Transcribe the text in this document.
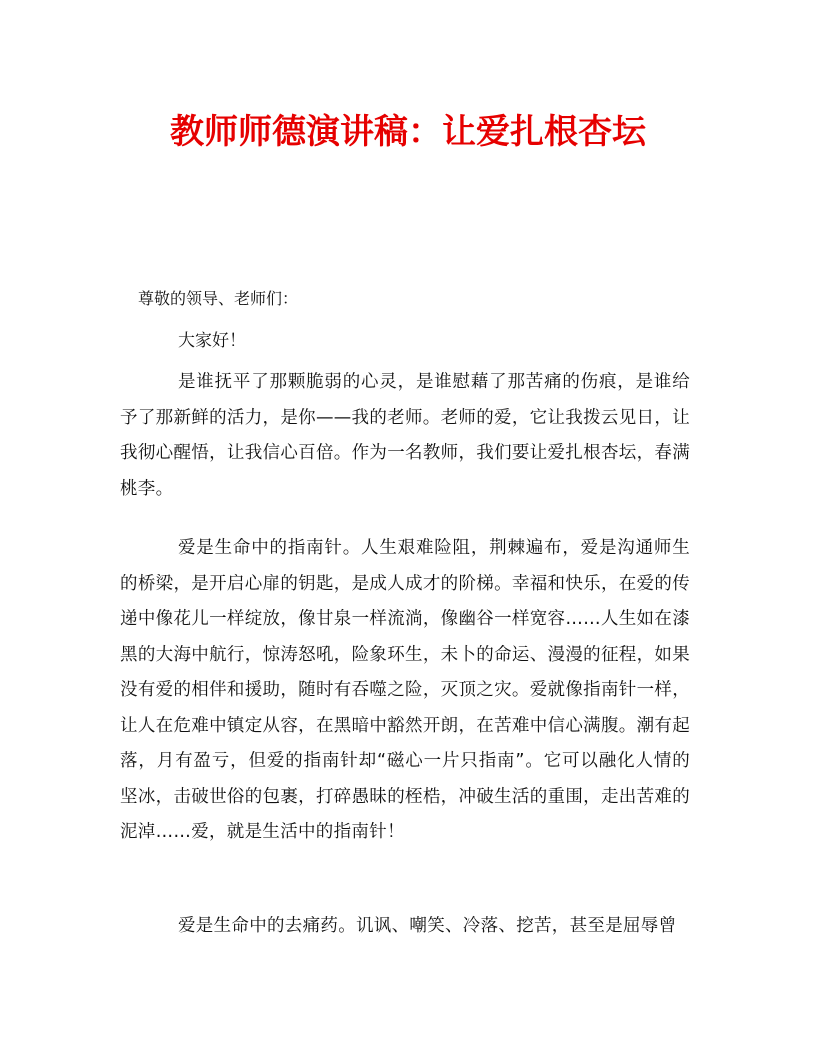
教师师德演讲稿：让爱扎根杏坛

尊敬的领导、老师们：

大家好！

是谁抚平了那颗脆弱的心灵，是谁慰藉了那苦痛的伤痕，是谁给予了那新鲜的活力，是你——我的老师。老师的爱，它让我拨云见日，让我彻心醒悟，让我信心百倍。作为一名教师，我们要让爱扎根杏坛，春满桃李。

爱是生命中的指南针。人生艰难险阻，荆棘遍布，爱是沟通师生的桥梁，是开启心扉的钥匙，是成人成才的阶梯。幸福和快乐，在爱的传递中像花儿一样绽放，像甘泉一样流淌，像幽谷一样宽容……人生如在漆黑的大海中航行，惊涛怒吼，险象环生，未卜的命运、漫漫的征程，如果没有爱的相伴和援助，随时有吞噬之险，灭顶之灾。爱就像指南针一样，让人在危难中镇定从容，在黑暗中豁然开朗，在苦难中信心满腹。潮有起落，月有盈亏，但爱的指南针却“磁心一片只指南”。它可以融化人情的坚冰，击破世俗的包裹，打碎愚昧的桎梏，冲破生活的重围，走出苦难的泥淖……爱，就是生活中的指南针！

爱是生命中的去痛药。讥讽、嘲笑、冷落、挖苦，甚至是屈辱曾
